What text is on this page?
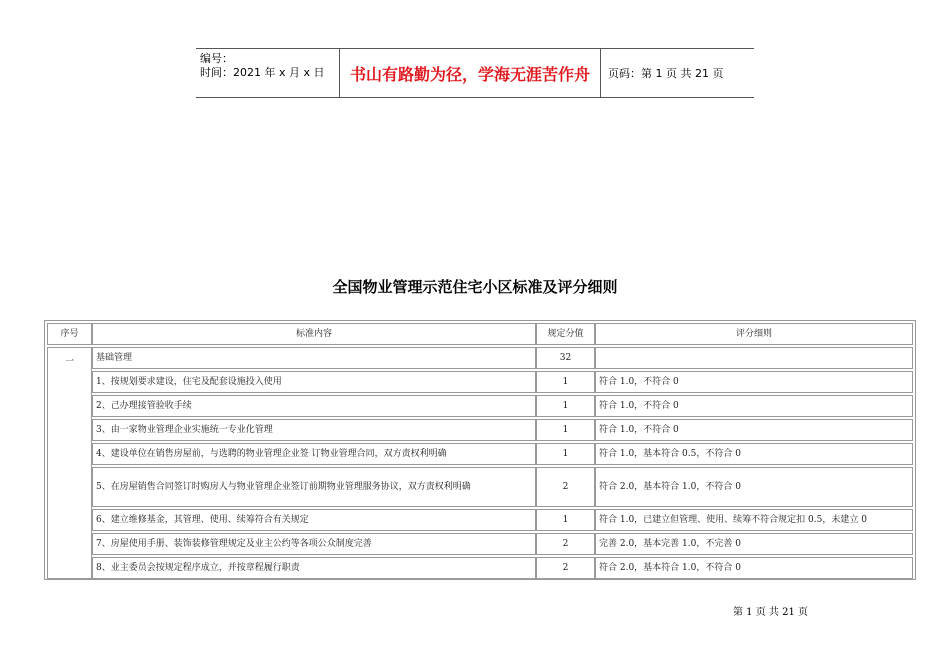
编号：
时间：2021 年 x 月 x 日	书山有路勤为径，学海无涯苦作舟	页码：第 1 页 共 21 页
全国物业管理示范住宅小区标准及评分细则
序号	标准内容	规定分值	评分细则
一	基础管理	32
1、按规划要求建设，住宅及配套设施投入使用	1	符合 1.0，不符合 0
2、己办理接管验收手续	1	符合 1.0，不符合 0
3、由一家物业管理企业实施统一专业化管理	1	符合 1.0，不符合 0
4、建设单位在销售房屋前，与选聘的物业管理企业签 订物业管理合同，双方责权利明确	1	符合 1.0，基本符合 0.5，不符合 0
5、在房屋销售合同签订时购房人与物业管理企业签订前期物业管理服务协议，双方责权利明确	2	符合 2.0，基本符合 1.0，不符合 0
6、建立维修基金，其管理、使用、续筹符合有关规定	1	符合 1.0，已建立但管理、使用、续筹不符合规定扣 0.5，未建立 0
7、房屋使用手册、装饰装修管理规定及业主公约等各项公众制度完善	2	完善 2.0，基本完善 1.0，不完善 0
8、业主委员会按规定程序成立，并按章程履行职责	2	符合 2.0，基本符合 1.0，不符合 0
第 1 页 共 21 页
